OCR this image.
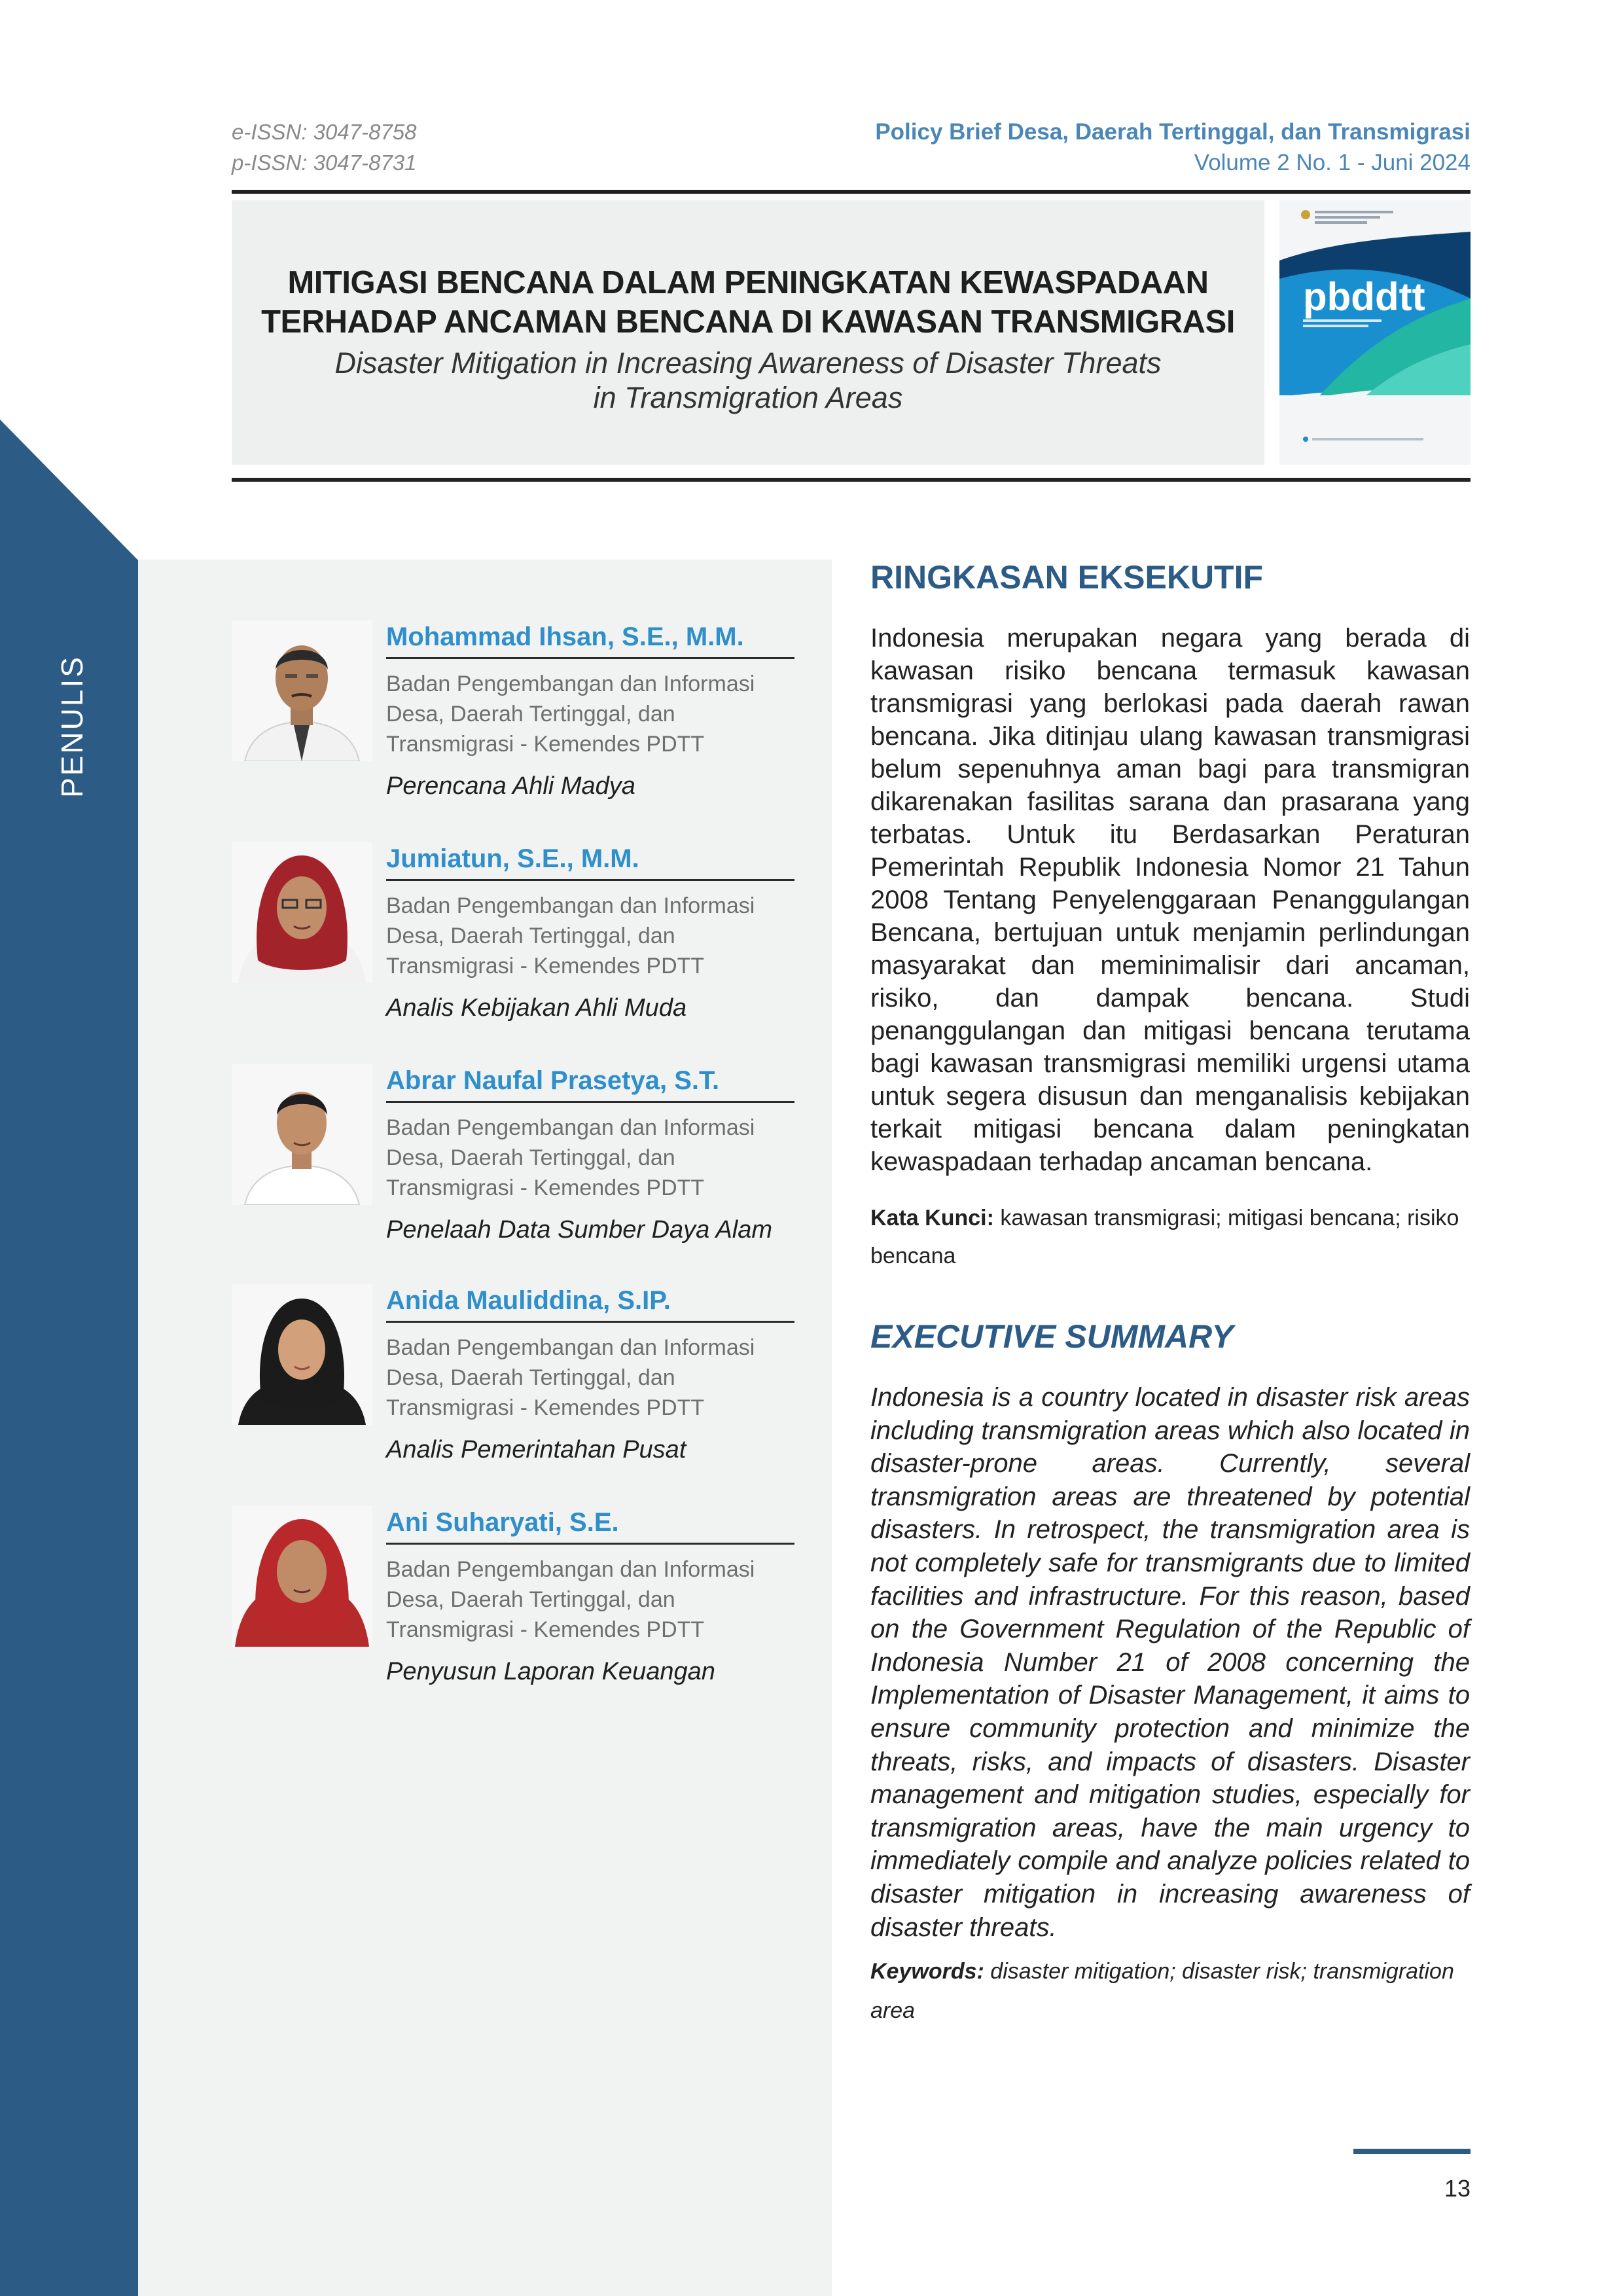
e-ISSN: 3047-8758
p-ISSN: 3047-8731
Policy Brief Desa, Daerah Tertinggal, dan Transmigrasi
Volume 2 No. 1 - Juni 2024
MITIGASI BENCANA DALAM PENINGKATAN KEWASPADAAN
TERHADAP ANCAMAN BENCANA DI KAWASAN TRANSMIGRASI
Disaster Mitigation in Increasing Awareness of Disaster Threats
in Transmigration Areas
pbddtt
PENULIS
Mohammad Ihsan, S.E., M.M.
Badan Pengembangan dan Informasi
Desa, Daerah Tertinggal, dan
Transmigrasi - Kemendes PDTT
Perencana Ahli Madya
Jumiatun, S.E., M.M.
Badan Pengembangan dan Informasi
Desa, Daerah Tertinggal, dan
Transmigrasi - Kemendes PDTT
Analis Kebijakan Ahli Muda
Abrar Naufal Prasetya, S.T.
Badan Pengembangan dan Informasi
Desa, Daerah Tertinggal, dan
Transmigrasi - Kemendes PDTT
Penelaah Data Sumber Daya Alam
Anida Mauliddina, S.IP.
Badan Pengembangan dan Informasi
Desa, Daerah Tertinggal, dan
Transmigrasi - Kemendes PDTT
Analis Pemerintahan Pusat
Ani Suharyati, S.E.
Badan Pengembangan dan Informasi
Desa, Daerah Tertinggal, dan
Transmigrasi - Kemendes PDTT
Penyusun Laporan Keuangan
RINGKASAN EKSEKUTIF
Indonesia merupakan negara yang berada di kawasan risiko bencana termasuk kawasan transmigrasi yang berlokasi pada daerah rawan bencana. Jika ditinjau ulang kawasan transmigrasi belum sepenuhnya aman bagi para transmigran dikarenakan fasilitas sarana dan prasarana yang terbatas. Untuk itu Berdasarkan Peraturan Pemerintah Republik Indonesia Nomor 21 Tahun 2008 Tentang Penyelenggaraan Penanggulangan Bencana, bertujuan untuk menjamin perlindungan masyarakat dan meminimalisir dari ancaman, risiko, dan dampak bencana. Studi penanggulangan dan mitigasi bencana terutama bagi kawasan transmigrasi memiliki urgensi utama untuk segera disusun dan menganalisis kebijakan terkait mitigasi bencana dalam peningkatan kewaspadaan terhadap ancaman bencana.
Kata Kunci: kawasan transmigrasi; mitigasi bencana; risiko bencana
EXECUTIVE SUMMARY
Indonesia is a country located in disaster risk areas including transmigration areas which also located in disaster-prone areas. Currently, several transmigration areas are threatened by potential disasters. In retrospect, the transmigration area is not completely safe for transmigrants due to limited facilities and infrastructure. For this reason, based on the Government Regulation of the Republic of Indonesia Number 21 of 2008 concerning the Implementation of Disaster Management, it aims to ensure community protection and minimize the threats, risks, and impacts of disasters. Disaster management and mitigation studies, especially for transmigration areas, have the main urgency to immediately compile and analyze policies related to disaster mitigation in increasing awareness of disaster threats.
Keywords: disaster mitigation; disaster risk; transmigration area
13
